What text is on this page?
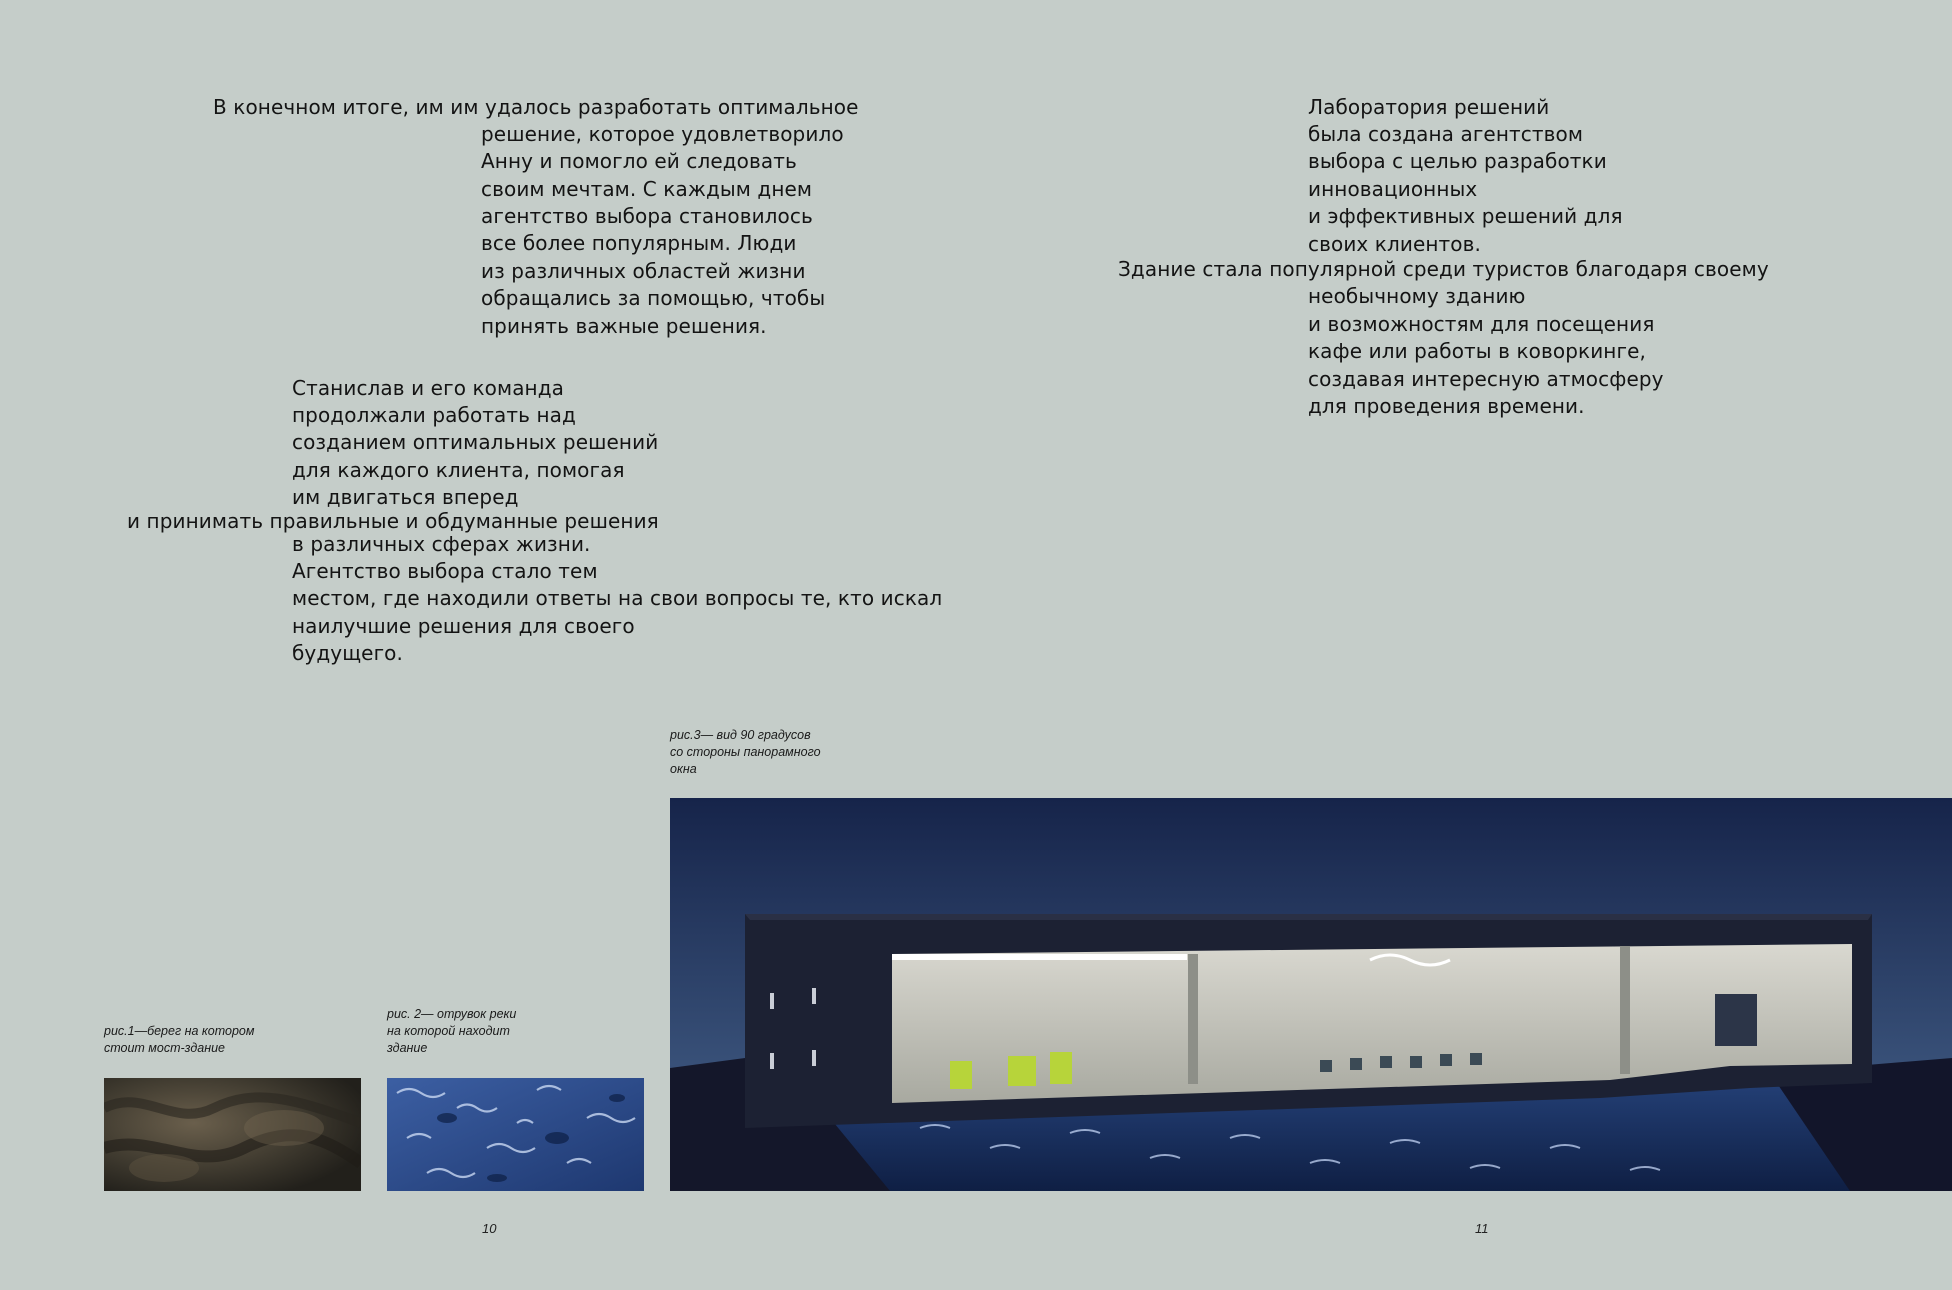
В конечном итоге, им им удалось разработать оптимальное
решение, которое удовлетворило
Анну и помогло ей следовать
своим мечтам. С каждым днем
агентство выбора становилось
все более популярным. Люди
из различных областей жизни
обращались за помощью, чтобы
принять важные решения.
Станислав и его команда
продолжали работать над
созданием оптимальных решений
для каждого клиента, помогая
им двигаться вперед
и принимать правильные и обдуманные решения
в различных сферах жизни.
Агентство выбора стало тем
местом, где находили ответы на свои вопросы те, кто искал
наилучшие решения для своего
будущего.
Лаборатория решений
была создана агентством
выбора с целью разработки
инновационных
и эффективных решений для
своих клиентов.
Здание стала популярной среди туристов благодаря своему
необычному зданию
и возможностям для посещения
кафе или работы в коворкинге,
создавая интересную атмосферу
для проведения времени.
рис.1—берег на котором
стоит мост-здание
рис. 2— отрувок реки
на которой находит
здание
рис.3— вид 90 градусов
со стороны панорамного
окна
10	11
